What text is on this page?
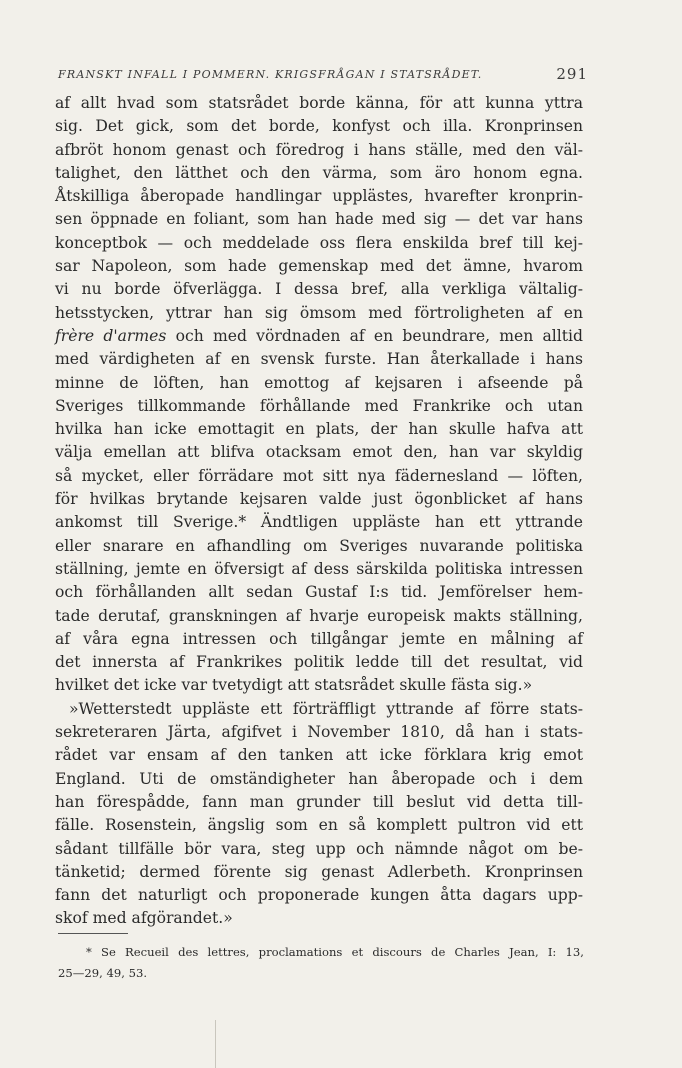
FRANSKT INFALL I POMMERN. KRIGSFRÅGAN I STATSRÅDET.	291
af allt hvad som statsrådet borde känna, för att kunna yttra
sig. Det gick, som det borde, konfyst och illa. Kronprinsen
afbröt honom genast och föredrog i hans ställe, med den väl-
talighet, den lätthet och den värma, som äro honom egna.
Åtskilliga åberopade handlingar upplästes, hvarefter kronprin-
sen öppnade en foliant, som han hade med sig — det var hans
konceptbok — och meddelade oss flera enskilda bref till kej-
sar Napoleon, som hade gemenskap med det ämne, hvarom
vi nu borde öfverlägga. I dessa bref, alla verkliga vältalig-
hetsstycken, yttrar han sig ömsom med förtroligheten af en
frère d'armes och med vördnaden af en beundrare, men alltid
med värdigheten af en svensk furste. Han återkallade i hans
minne de löften, han emottog af kejsaren i afseende på
Sveriges tillkommande förhållande med Frankrike och utan
hvilka han icke emottagit en plats, der han skulle hafva att
välja emellan att blifva otacksam emot den, han var skyldig
så mycket, eller förrädare mot sitt nya fädernesland — löften,
för hvilkas brytande kejsaren valde just ögonblicket af hans
ankomst till Sverige.* Ändtligen uppläste han ett yttrande
eller snarare en afhandling om Sveriges nuvarande politiska
ställning, jemte en öfversigt af dess särskilda politiska intressen
och förhållanden allt sedan Gustaf I:s tid. Jemförelser hem-
tade derutaf, granskningen af hvarje europeisk makts ställning,
af våra egna intressen och tillgångar jemte en målning af
det innersta af Frankrikes politik ledde till det resultat, vid
hvilket det icke var tvetydigt att statsrådet skulle fästa sig.»
»Wetterstedt uppläste ett förträffligt yttrande af förre stats-
sekreteraren Järta, afgifvet i November 1810, då han i stats-
rådet var ensam af den tanken att icke förklara krig emot
England. Uti de omständigheter han åberopade och i dem
han förespådde, fann man grunder till beslut vid detta till-
fälle. Rosenstein, ängslig som en så komplett pultron vid ett
sådant tillfälle bör vara, steg upp och nämnde något om be-
tänketid; dermed förente sig genast Adlerbeth. Kronprinsen
fann det naturligt och proponerade kungen åtta dagars upp-
skof med afgörandet.»
* Se Recueil des lettres, proclamations et discours de Charles Jean, I: 13,
25—29, 49, 53.
